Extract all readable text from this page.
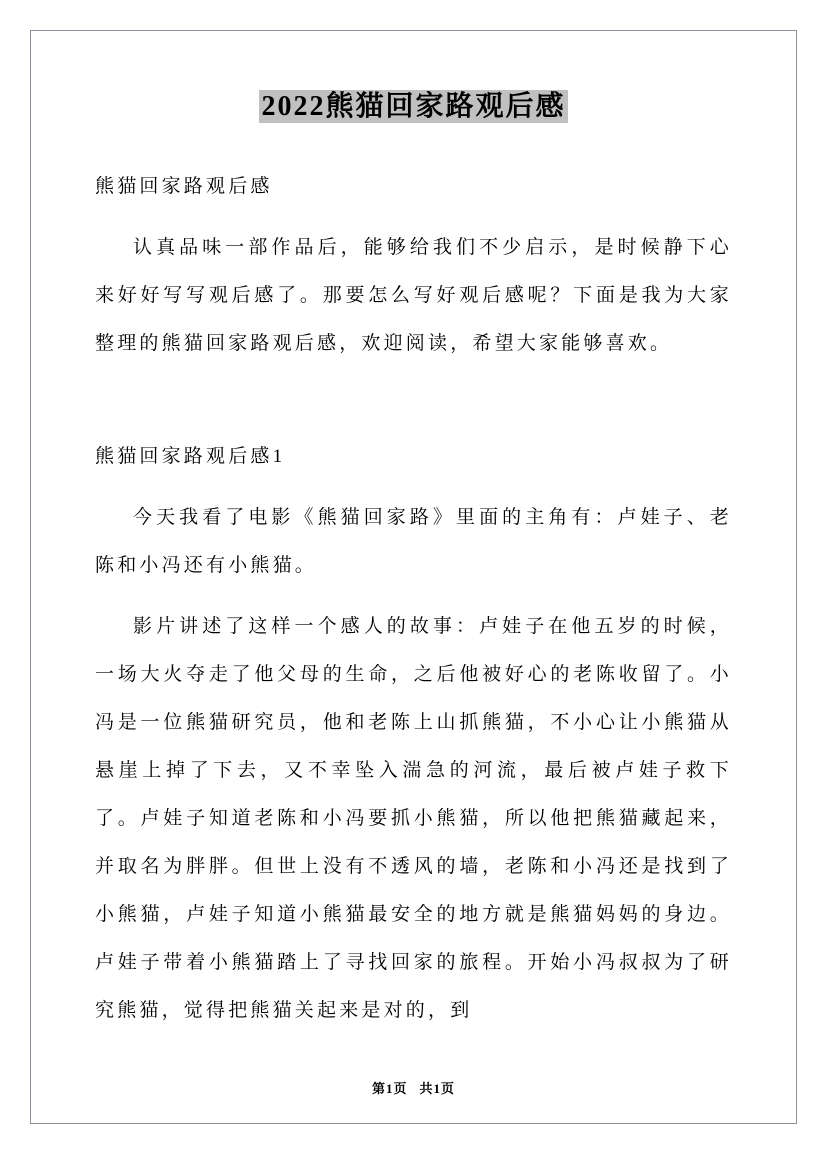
2022熊猫回家路观后感

熊猫回家路观后感

认真品味一部作品后，能够给我们不少启示，是时候静下心来好好写写观后感了。那要怎么写好观后感呢？下面是我为大家整理的熊猫回家路观后感，欢迎阅读，希望大家能够喜欢。

熊猫回家路观后感1

今天我看了电影《熊猫回家路》里面的主角有：卢娃子、老陈和小冯还有小熊猫。

影片讲述了这样一个感人的故事：卢娃子在他五岁的时候，一场大火夺走了他父母的生命，之后他被好心的老陈收留了。小冯是一位熊猫研究员，他和老陈上山抓熊猫，不小心让小熊猫从悬崖上掉了下去，又不幸坠入湍急的河流，最后被卢娃子救下了。卢娃子知道老陈和小冯要抓小熊猫，所以他把熊猫藏起来，并取名为胖胖。但世上没有不透风的墙，老陈和小冯还是找到了小熊猫，卢娃子知道小熊猫最安全的地方就是熊猫妈妈的身边。卢娃子带着小熊猫踏上了寻找回家的旅程。开始小冯叔叔为了研究熊猫，觉得把熊猫关起来是对的，到

第1页 共1页
